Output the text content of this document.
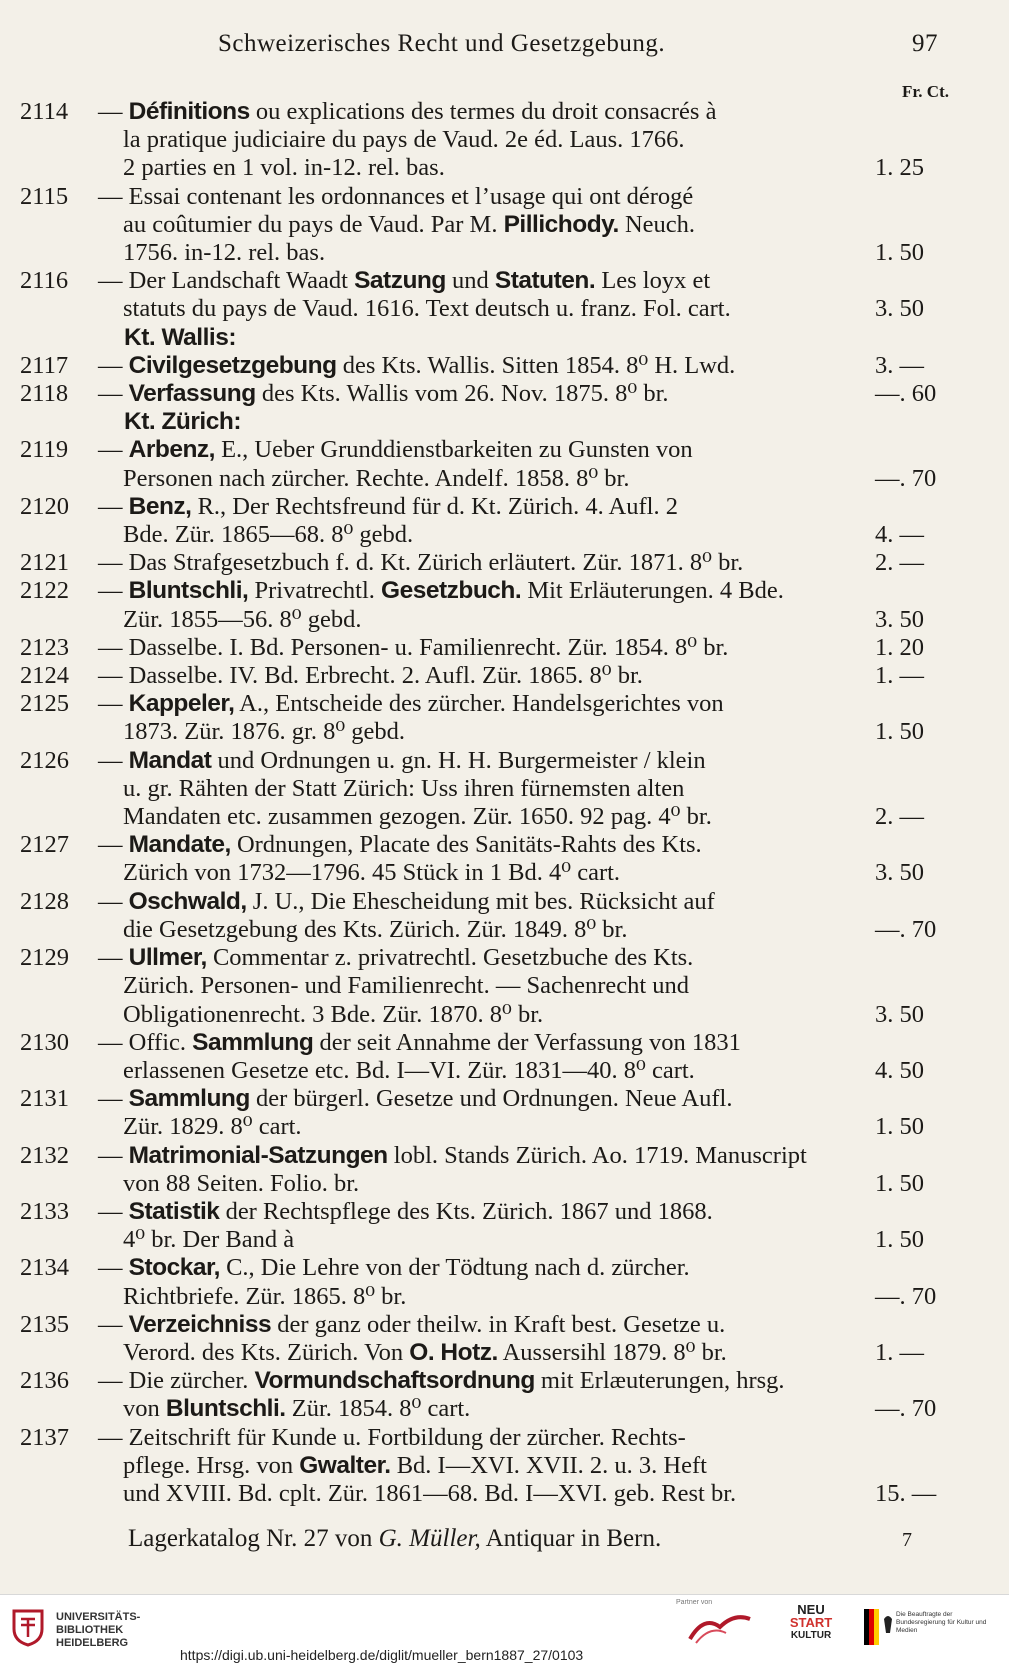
Schweizerisches Recht und Gesetzgebung.	97
Fr. Ct.
2114	— Définitions ou explications des termes du droit consacrés à
la pratique judiciaire du pays de Vaud. 2e éd. Laus. 1766.
2 parties en 1 vol. in-12. rel. bas.	1. 25
2115	— Essai contenant les ordonnances et l’usage qui ont dérogé
au coûtumier du pays de Vaud. Par M. Pillichody. Neuch.
1756. in-12. rel. bas.	1. 50
2116	— Der Landschaft Waadt Satzung und Statuten. Les loyx et
statuts du pays de Vaud. 1616. Text deutsch u. franz. Fol. cart.	3. 50
Kt. Wallis:
2117	— Civilgesetzgebung des Kts. Wallis. Sitten 1854. 8⁰ H. Lwd.	3. —
2118	— Verfassung des Kts. Wallis vom 26. Nov. 1875. 8⁰ br.	—. 60
Kt. Zürich:
2119	— Arbenz, E., Ueber Grunddienstbarkeiten zu Gunsten von
Personen nach zürcher. Rechte. Andelf. 1858. 8⁰ br.	—. 70
2120	— Benz, R., Der Rechtsfreund für d. Kt. Zürich. 4. Aufl. 2
Bde. Zür. 1865—68. 8⁰ gebd.	4. —
2121	— Das Strafgesetzbuch f. d. Kt. Zürich erläutert. Zür. 1871. 8⁰ br.	2. —
2122	— Bluntschli, Privatrechtl. Gesetzbuch. Mit Erläuterungen. 4 Bde.
Zür. 1855—56. 8⁰ gebd.	3. 50
2123	— Dasselbe. I. Bd. Personen- u. Familienrecht. Zür. 1854. 8⁰ br.	1. 20
2124	— Dasselbe. IV. Bd. Erbrecht. 2. Aufl. Zür. 1865. 8⁰ br.	1. —
2125	— Kappeler, A., Entscheide des zürcher. Handelsgerichtes von
1873. Zür. 1876. gr. 8⁰ gebd.	1. 50
2126	— Mandat und Ordnungen u. gn. H. H. Burgermeister / klein
u. gr. Rähten der Statt Zürich: Uss ihren fürnemsten alten
Mandaten etc. zusammen gezogen. Zür. 1650. 92 pag. 4⁰ br.	2. —
2127	— Mandate, Ordnungen, Placate des Sanitäts-Rahts des Kts.
Zürich von 1732—1796. 45 Stück in 1 Bd. 4⁰ cart.	3. 50
2128	— Oschwald, J. U., Die Ehescheidung mit bes. Rücksicht auf
die Gesetzgebung des Kts. Zürich. Zür. 1849. 8⁰ br.	—. 70
2129	— Ullmer, Commentar z. privatrechtl. Gesetzbuche des Kts.
Zürich. Personen- und Familienrecht. — Sachenrecht und
Obligationenrecht. 3 Bde. Zür. 1870. 8⁰ br.	3. 50
2130	— Offic. Sammlung der seit Annahme der Verfassung von 1831
erlassenen Gesetze etc. Bd. I—VI. Zür. 1831—40. 8⁰ cart.	4. 50
2131	— Sammlung der bürgerl. Gesetze und Ordnungen. Neue Aufl.
Zür. 1829. 8⁰ cart.	1. 50
2132	— Matrimonial-Satzungen lobl. Stands Zürich. Ao. 1719. Manuscript
von 88 Seiten. Folio. br.	1. 50
2133	— Statistik der Rechtspflege des Kts. Zürich. 1867 und 1868.
4⁰ br. Der Band à	1. 50
2134	— Stockar, C., Die Lehre von der Tödtung nach d. zürcher.
Richtbriefe. Zür. 1865. 8⁰ br.	—. 70
2135	— Verzeichniss der ganz oder theilw. in Kraft best. Gesetze u.
Verord. des Kts. Zürich. Von O. Hotz. Aussersihl 1879. 8⁰ br.	1. —
2136	— Die zürcher. Vormundschaftsordnung mit Erlæuterungen, hrsg.
von Bluntschli. Zür. 1854. 8⁰ cart.	—. 70
2137	— Zeitschrift für Kunde u. Fortbildung der zürcher. Rechts-
pflege. Hrsg. von Gwalter. Bd. I—XVI. XVII. 2. u. 3. Heft
und XVIII. Bd. cplt. Zür. 1861—68. Bd. I—XVI. geb. Rest br.	15. —
Lagerkatalog Nr. 27 von G. Müller, Antiquar in Bern.	7
UNIVERSITÄTS-
BIBLIOTHEK
HEIDELBERG
Partner von	NEU
START
KULTUR
Die Beauftragte der Bundesregierung für Kultur und Medien
https://digi.ub.uni-heidelberg.de/diglit/mueller_bern1887_27/0103
